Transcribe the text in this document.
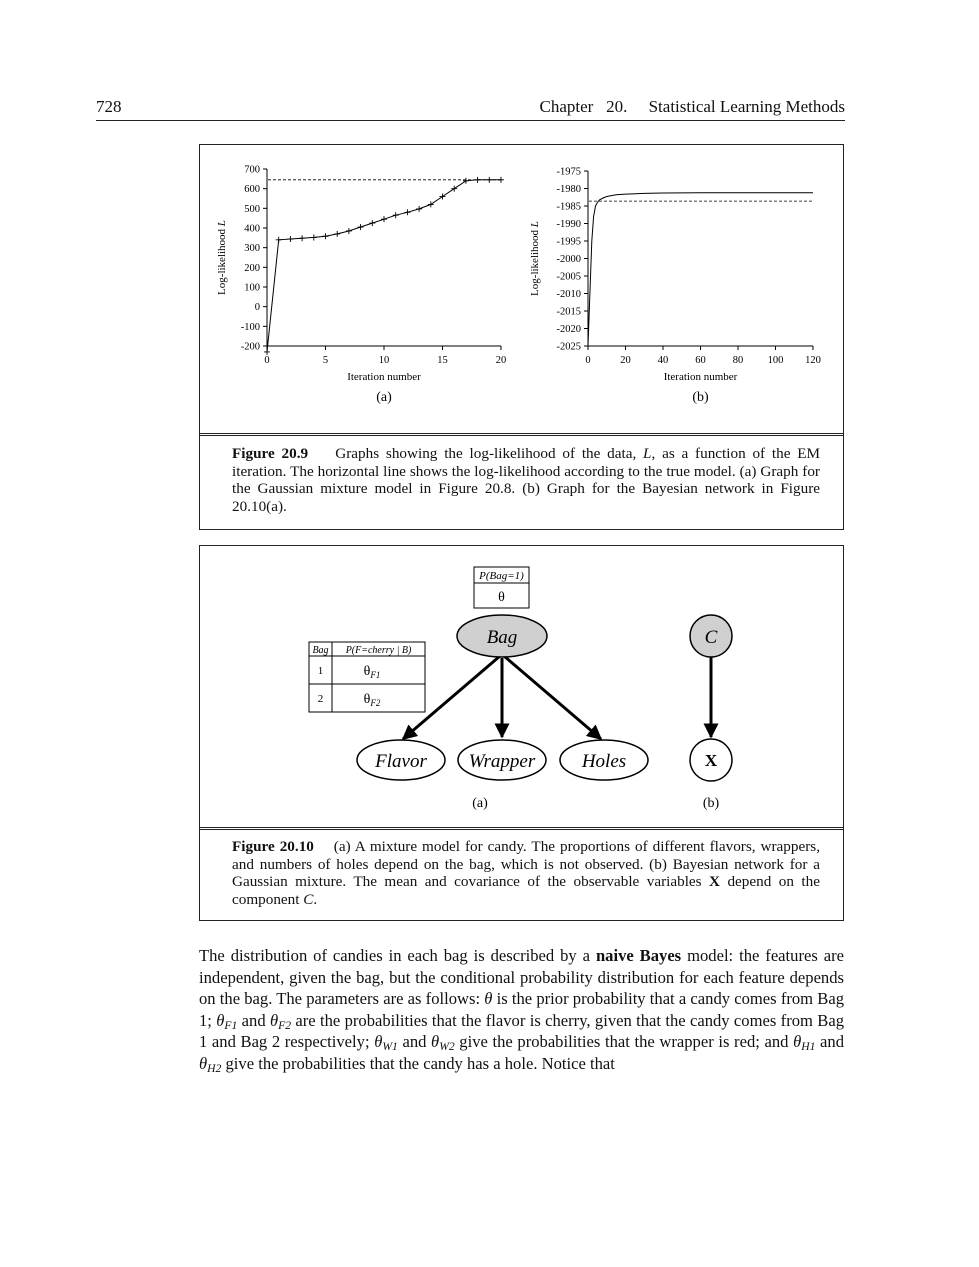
728	Chapter   20.     Statistical Learning Methods
700
600
500
400
300
200
100
0
-100
-200
0	5	10	15	20
Iteration number
Log-likelihood L
(a)
-1975
-1980
-1985
-1990
-1995
-2000
-2005
-2010
-2015
-2020
-2025
0	20	40	60	80 100 120
Iteration number
Log-likelihood L
(b)
Figure 20.9 Graphs showing the log-likelihood of the data, L, as a function of the EM iteration. The horizontal line shows the log-likelihood according to the true model. (a) Graph for the Gaussian mixture model in Figure 20.8. (b) Graph for the Bayesian network in Figure 20.10(a).
P(Bag=1)
θ
Bag P(F=cherry | B)
1	$\theta_{F1}$
2	$\theta_{F2}$
Bag	C
Flavor Wrapper Holes	X
(a)	(b)
Figure 20.10 (a) A mixture model for candy. The proportions of different flavors, wrappers, and numbers of holes depend on the bag, which is not observed. (b) Bayesian network for a Gaussian mixture. The mean and covariance of the observable variables X depend on the component C.
The distribution of candies in each bag is described by a naive Bayes model: the features are independent, given the bag, but the conditional probability distribution for each feature depends on the bag. The parameters are as follows: θ is the prior probability that a candy comes from Bag 1; $\theta_{F1}$ and $\theta_{F2}$ are the probabilities that the flavor is cherry, given that the candy comes from Bag 1 and Bag 2 respectively; $\theta_{W1}$ and $\theta_{W2}$ give the probabilities that the wrapper is red; and $\theta_{H1}$ and $\theta_{H2}$ give the probabilities that the candy has a hole. Notice that
